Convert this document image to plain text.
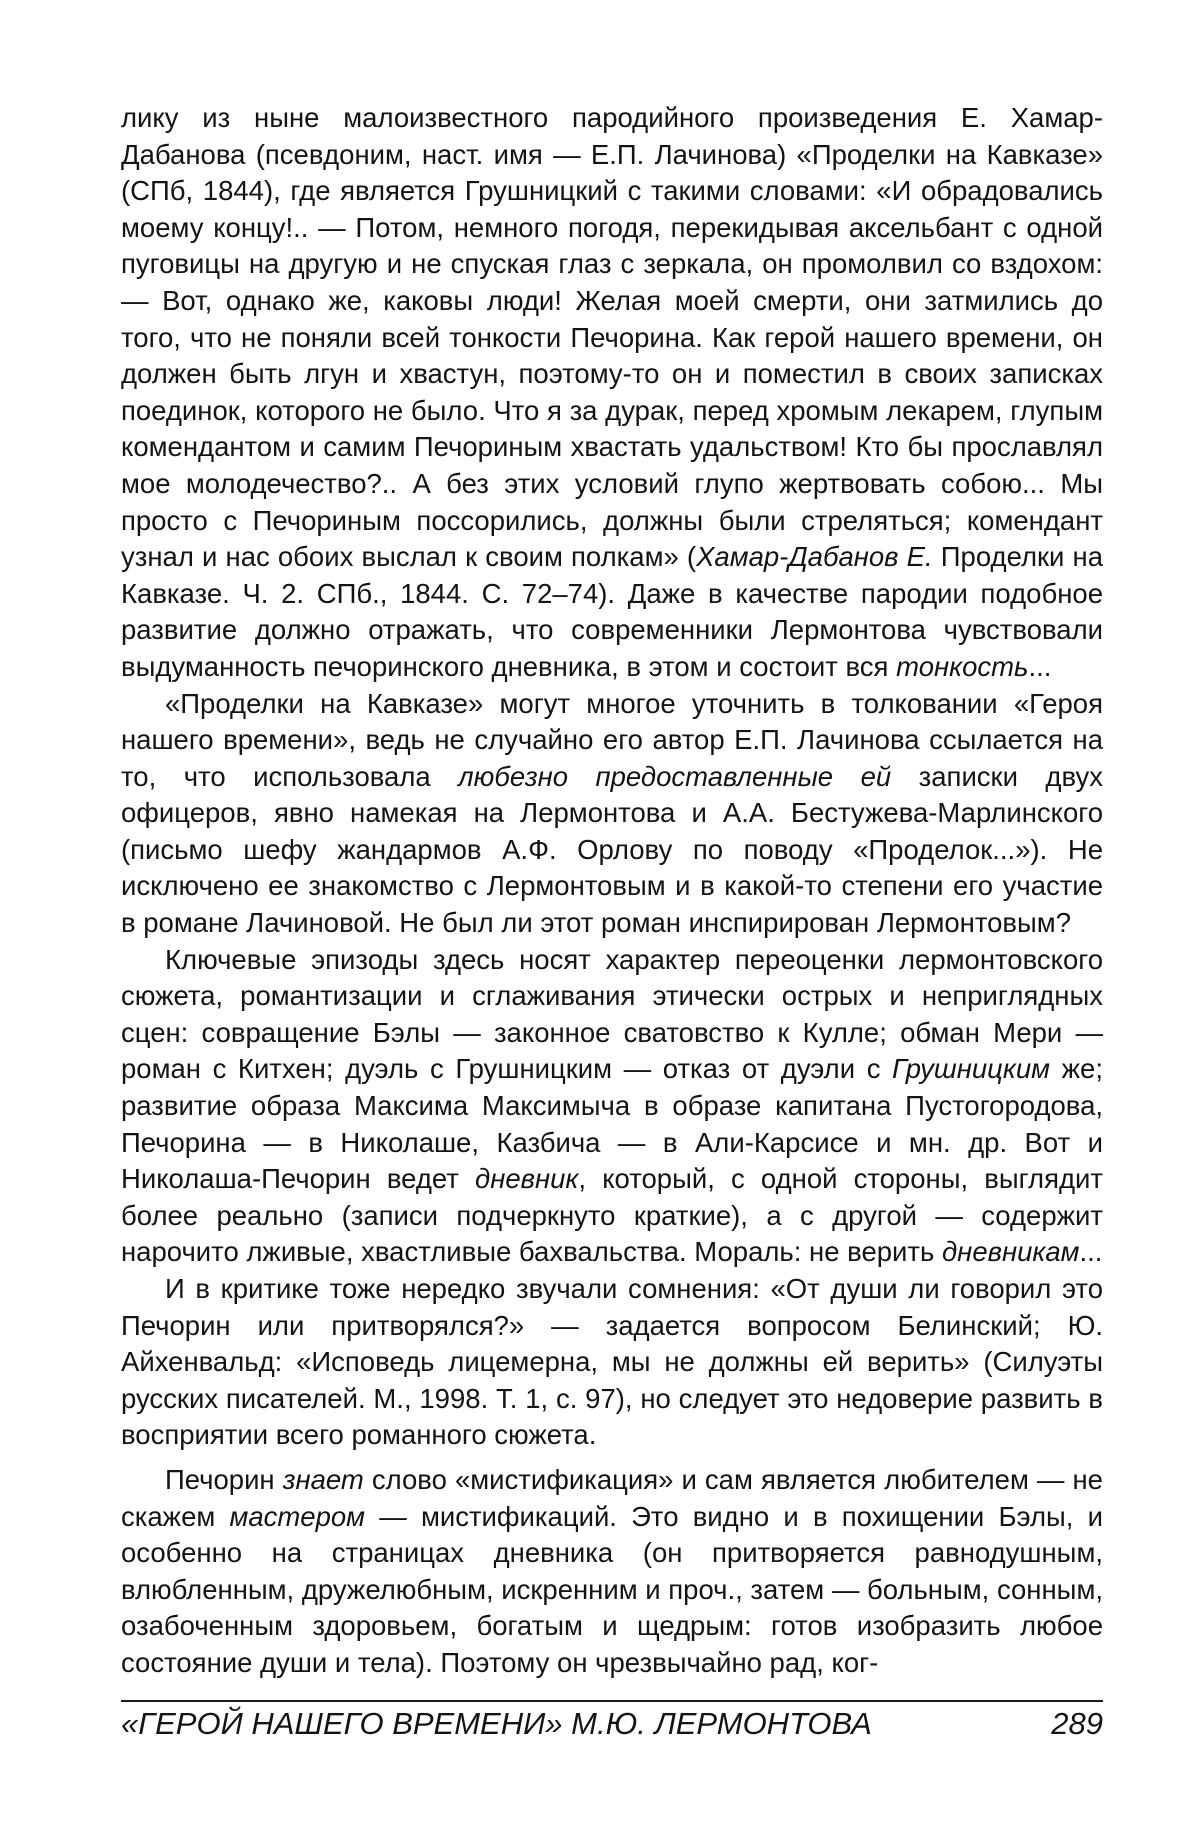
лику из ныне малоизвестного пародийного произведения Е. Хамар-Дабанова (псевдоним, наст. имя — Е.П. Лачинова) «Проделки на Кавказе» (СПб, 1844), где является Грушницкий с такими словами: «И обрадовались моему концу!.. — Потом, немного погодя, перекидывая аксельбант с одной пуговицы на другую и не спуская глаз с зеркала, он промолвил со вздохом: — Вот, однако же, каковы люди! Желая моей смерти, они затмились до того, что не поняли всей тонкости Печорина. Как герой нашего времени, он должен быть лгун и хвастун, поэтому-то он и поместил в своих записках поединок, которого не было. Что я за дурак, перед хромым лекарем, глупым комендантом и самим Печориным хвастать удальством! Кто бы прославлял мое молодечество?.. А без этих условий глупо жертвовать собою... Мы просто с Печориным поссорились, должны были стреляться; комендант узнал и нас обоих выслал к своим полкам» (Хамар-Дабанов Е. Проделки на Кавказе. Ч. 2. СПб., 1844. С. 72–74). Даже в качестве пародии подобное развитие должно отражать, что современники Лермонтова чувствовали выдуманность печоринского дневника, в этом и состоит вся тонкость...

«Проделки на Кавказе» могут многое уточнить в толковании «Героя нашего времени», ведь не случайно его автор Е.П. Лачинова ссылается на то, что использовала любезно предоставленные ей записки двух офицеров, явно намекая на Лермонтова и А.А. Бестужева-Марлинского (письмо шефу жандармов А.Ф. Орлову по поводу «Проделок...»). Не исключено ее знакомство с Лермонтовым и в какой-то степени его участие в романе Лачиновой. Не был ли этот роман инспирирован Лермонтовым?

Ключевые эпизоды здесь носят характер переоценки лермонтовского сюжета, романтизации и сглаживания этически острых и неприглядных сцен: совращение Бэлы — законное сватовство к Кулле; обман Мери — роман с Китхен; дуэль с Грушницким — отказ от дуэли с Грушницким же; развитие образа Максима Максимыча в образе капитана Пустогородова, Печорина — в Николаше, Казбича — в Али-Карсисе и мн. др. Вот и Николаша-Печорин ведет дневник, который, с одной стороны, выглядит более реально (записи подчеркнуто краткие), а с другой — содержит нарочито лживые, хвастливые бахвальства. Мораль: не верить дневникам...

И в критике тоже нередко звучали сомнения: «От души ли говорил это Печорин или притворялся?» — задается вопросом Белинский; Ю. Айхенвальд: «Исповедь лицемерна, мы не должны ей верить» (Силуэты русских писателей. М., 1998. Т. 1, с. 97), но следует это недоверие развить в восприятии всего романного сюжета.

Печорин знает слово «мистификация» и сам является любителем — не скажем мастером — мистификаций. Это видно и в похищении Бэлы, и особенно на страницах дневника (он притворяется равнодушным, влюбленным, дружелюбным, искренним и проч., затем — больным, сонным, озабоченным здоровьем, богатым и щедрым: готов изобразить любое состояние души и тела). Поэтому он чрезвычайно рад, ког-

«ГЕРОЙ НАШЕГО ВРЕМЕНИ» М.Ю. ЛЕРМОНТОВА	289
